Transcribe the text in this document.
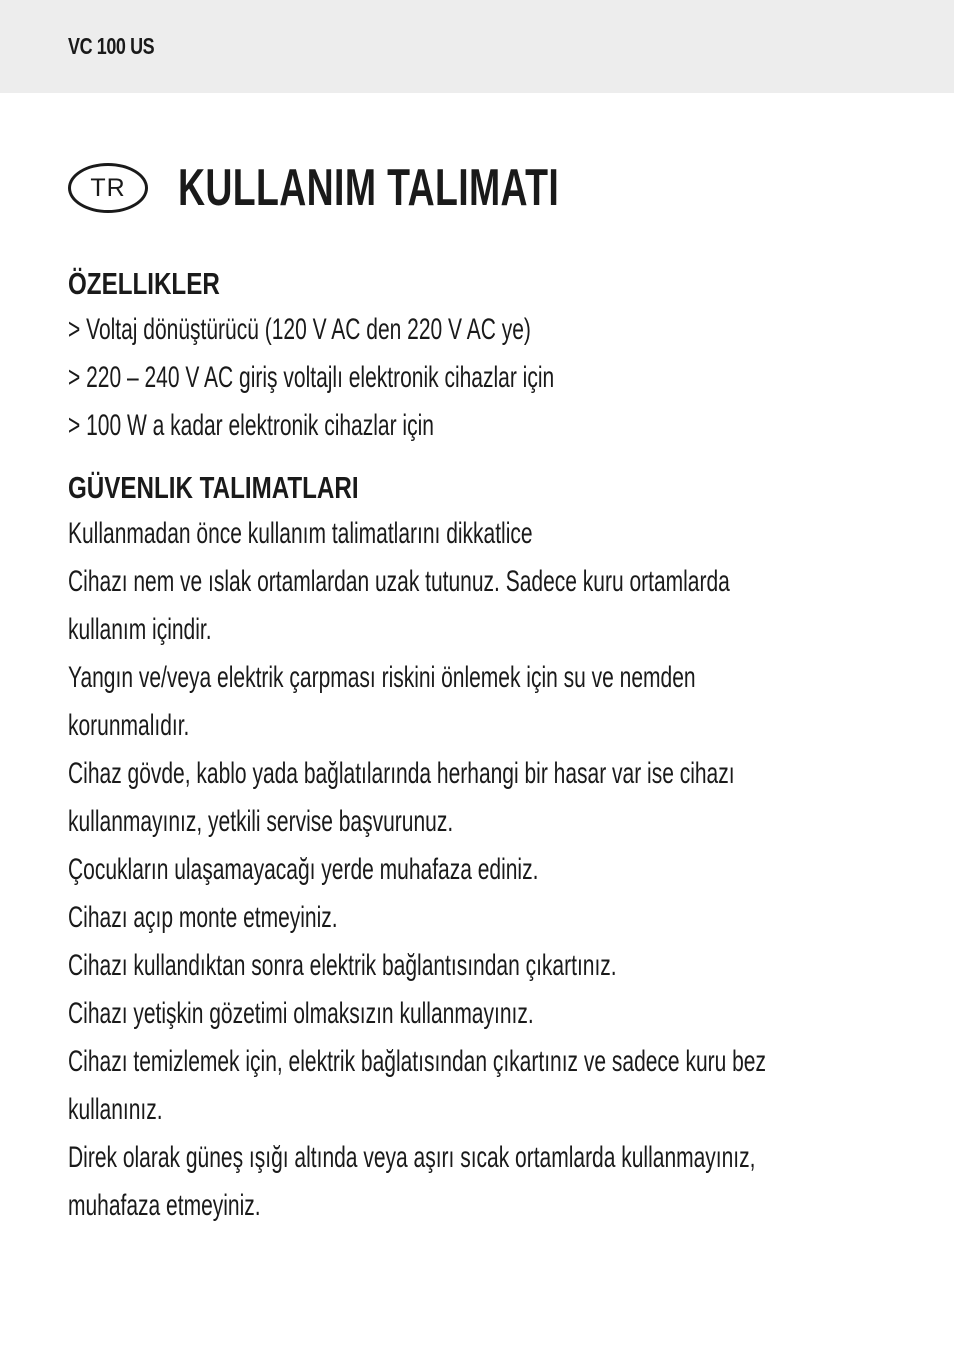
VC 100 US
TR	KULLANIM TALIMATI
ÖZELLIKLER
> Voltaj dönüştürücü (120 V AC den 220 V AC ye)
> 220 – 240 V AC giriş voltajlı elektronik cihazlar için
> 100 W a kadar elektronik cihazlar için
GÜVENLIK TALIMATLARI
Kullanmadan önce kullanım talimatlarını dikkatlice
Cihazı nem ve ıslak ortamlardan uzak tutunuz. Sadece kuru ortamlarda
kullanım içindir.
Yangın ve/veya elektrik çarpması riskini önlemek için su ve nemden
korunmalıdır.
Cihaz gövde, kablo yada bağlatılarında herhangi bir hasar var ise cihazı
kullanmayınız, yetkili servise başvurunuz.
Çocukların ulaşamayacağı yerde muhafaza ediniz.
Cihazı açıp monte etmeyiniz.
Cihazı kullandıktan sonra elektrik bağlantısından çıkartınız.
Cihazı yetişkin gözetimi olmaksızın kullanmayınız.
Cihazı temizlemek için, elektrik bağlatısından çıkartınız ve sadece kuru bez
kullanınız.
Direk olarak güneş ışığı altında veya aşırı sıcak ortamlarda kullanmayınız,
muhafaza etmeyiniz.
